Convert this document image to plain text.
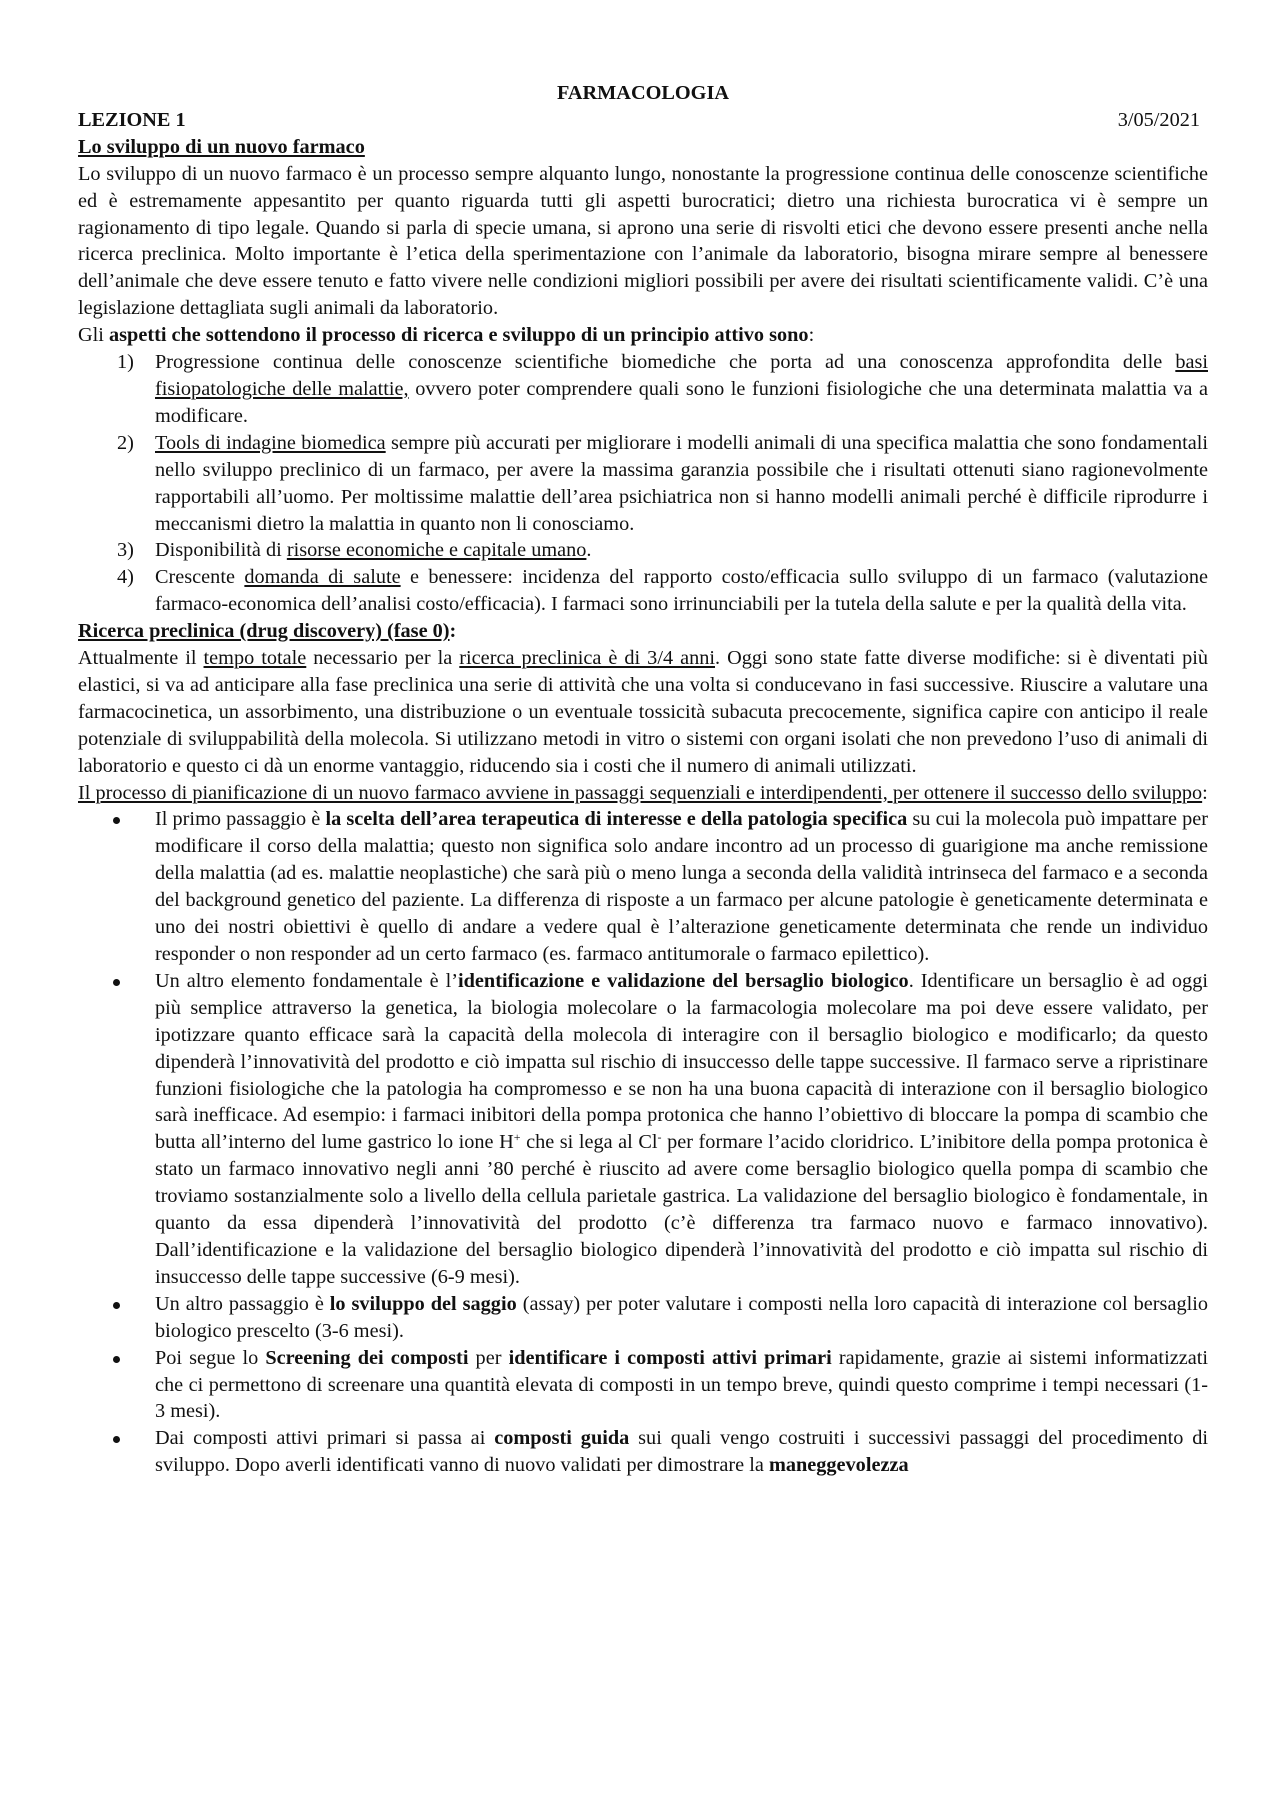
FARMACOLOGIA

LEZIONE 1	3/05/2021

Lo sviluppo di un nuovo farmaco

Lo sviluppo di un nuovo farmaco è un processo sempre alquanto lungo, nonostante la progressione continua delle conoscenze scientifiche ed è estremamente appesantito per quanto riguarda tutti gli aspetti burocratici; dietro una richiesta burocratica vi è sempre un ragionamento di tipo legale. Quando si parla di specie umana, si aprono una serie di risvolti etici che devono essere presenti anche nella ricerca preclinica. Molto importante è l’etica della sperimentazione con l’animale da laboratorio, bisogna mirare sempre al benessere dell’animale che deve essere tenuto e fatto vivere nelle condizioni migliori possibili per avere dei risultati scientificamente validi. C’è una legislazione dettagliata sugli animali da laboratorio.

Gli aspetti che sottendono il processo di ricerca e sviluppo di un principio attivo sono:

1) Progressione continua delle conoscenze scientifiche biomediche che porta ad una conoscenza approfondita delle basi fisiopatologiche delle malattie, ovvero poter comprendere quali sono le funzioni fisiologiche che una determinata malattia va a modificare.
2) Tools di indagine biomedica sempre più accurati per migliorare i modelli animali di una specifica malattia che sono fondamentali nello sviluppo preclinico di un farmaco, per avere la massima garanzia possibile che i risultati ottenuti siano ragionevolmente rapportabili all’uomo. Per moltissime malattie dell’area psichiatrica non si hanno modelli animali perché è difficile riprodurre i meccanismi dietro la malattia in quanto non li conosciamo.
3) Disponibilità di risorse economiche e capitale umano.
4) Crescente domanda di salute e benessere: incidenza del rapporto costo/efficacia sullo sviluppo di un farmaco (valutazione farmaco-economica dell’analisi costo/efficacia). I farmaci sono irrinunciabili per la tutela della salute e per la qualità della vita.

Ricerca preclinica (drug discovery) (fase 0):

Attualmente il tempo totale necessario per la ricerca preclinica è di 3/4 anni. Oggi sono state fatte diverse modifiche: si è diventati più elastici, si va ad anticipare alla fase preclinica una serie di attività che una volta si conducevano in fasi successive. Riuscire a valutare una farmacocinetica, un assorbimento, una distribuzione o un eventuale tossicità subacuta precocemente, significa capire con anticipo il reale potenziale di sviluppabilità della molecola. Si utilizzano metodi in vitro o sistemi con organi isolati che non prevedono l’uso di animali di laboratorio e questo ci dà un enorme vantaggio, riducendo sia i costi che il numero di animali utilizzati.

Il processo di pianificazione di un nuovo farmaco avviene in passaggi sequenziali e interdipendenti, per ottenere il successo dello sviluppo:

Il primo passaggio è la scelta dell’area terapeutica di interesse e della patologia specifica su cui la molecola può impattare per modificare il corso della malattia; questo non significa solo andare incontro ad un processo di guarigione ma anche remissione della malattia (ad es. malattie neoplastiche) che sarà più o meno lunga a seconda della validità intrinseca del farmaco e a seconda del background genetico del paziente. La differenza di risposte a un farmaco per alcune patologie è geneticamente determinata e uno dei nostri obiettivi è quello di andare a vedere qual è l’alterazione geneticamente determinata che rende un individuo responder o non responder ad un certo farmaco (es. farmaco antitumorale o farmaco epilettico).
Un altro elemento fondamentale è l’identificazione e validazione del bersaglio biologico. Identificare un bersaglio è ad oggi più semplice attraverso la genetica, la biologia molecolare o la farmacologia molecolare ma poi deve essere validato, per ipotizzare quanto efficace sarà la capacità della molecola di interagire con il bersaglio biologico e modificarlo; da questo dipenderà l’innovatività del prodotto e ciò impatta sul rischio di insuccesso delle tappe successive. Il farmaco serve a ripristinare funzioni fisiologiche che la patologia ha compromesso e se non ha una buona capacità di interazione con il bersaglio biologico sarà inefficace. Ad esempio: i farmaci inibitori della pompa protonica che hanno l’obiettivo di bloccare la pompa di scambio che butta all’interno del lume gastrico lo ione H+ che si lega al Cl- per formare l’acido cloridrico. L’inibitore della pompa protonica è stato un farmaco innovativo negli anni ’80 perché è riuscito ad avere come bersaglio biologico quella pompa di scambio che troviamo sostanzialmente solo a livello della cellula parietale gastrica. La validazione del bersaglio biologico è fondamentale, in quanto da essa dipenderà l’innovatività del prodotto (c’è differenza tra farmaco nuovo e farmaco innovativo). Dall’identificazione e la validazione del bersaglio biologico dipenderà l’innovatività del prodotto e ciò impatta sul rischio di insuccesso delle tappe successive (6-9 mesi).
Un altro passaggio è lo sviluppo del saggio (assay) per poter valutare i composti nella loro capacità di interazione col bersaglio biologico prescelto (3-6 mesi).
Poi segue lo Screening dei composti per identificare i composti attivi primari rapidamente, grazie ai sistemi informatizzati che ci permettono di screenare una quantità elevata di composti in un tempo breve, quindi questo comprime i tempi necessari (1-3 mesi).
Dai composti attivi primari si passa ai composti guida sui quali vengo costruiti i successivi passaggi del procedimento di sviluppo. Dopo averli identificati vanno di nuovo validati per dimostrare la maneggevolezza
